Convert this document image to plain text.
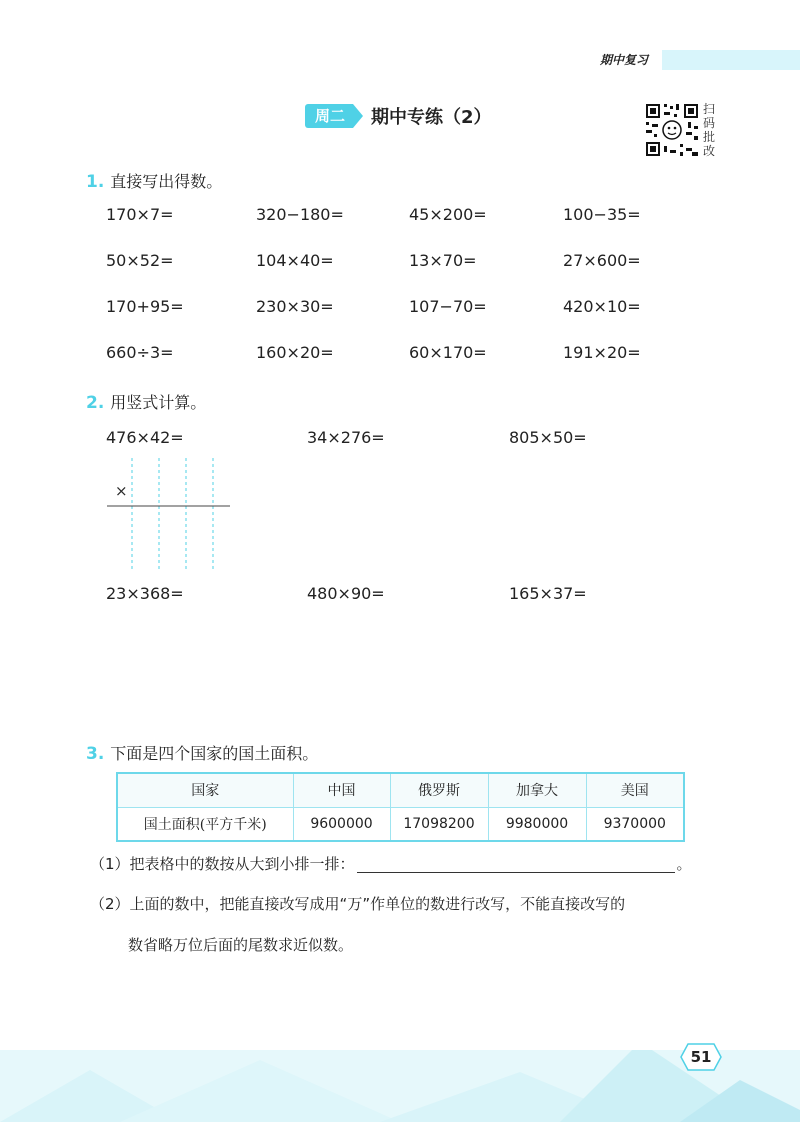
期中复习
周二	期中专练（2）	扫码批改
1. 直接写出得数。
170×7=	320−180=	45×200=	100−35=
50×52=	104×40=	13×70=	27×600=
170+95=	230×30=	107−70=	420×10=
660÷3=	160×20=	60×170=	191×20=
2. 用竖式计算。
476×42=	34×276=	805×50=
×
23×368=	480×90=	165×37=
3. 下面是四个国家的国土面积。
国家	中国	俄罗斯	加拿大	美国
国土面积(平方千米)	9600000	17098200	9980000	9370000
（1）把表格中的数按从大到小排一排：	。
（2）上面的数中，把能直接改写成用“万”作单位的数进行改写，不能直接改写的
数省略万位后面的尾数求近似数。
51
